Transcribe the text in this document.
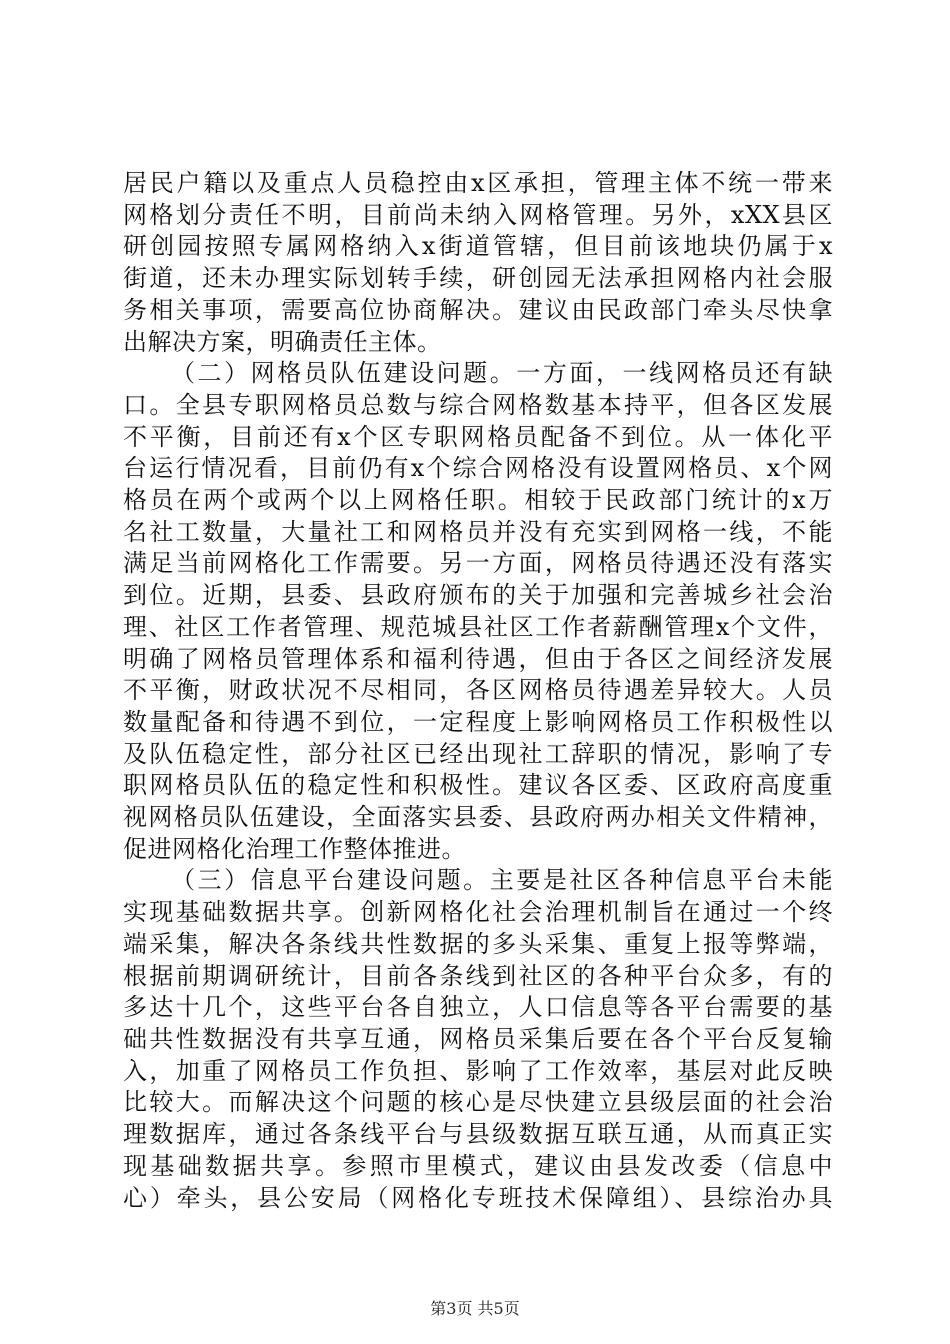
居民户籍以及重点人员稳控由x区承担，管理主体不统一带来
网格划分责任不明，目前尚未纳入网格管理。另外，xXX县区
研创园按照专属网格纳入x街道管辖，但目前该地块仍属于x
街道，还未办理实际划转手续，研创园无法承担网格内社会服
务相关事项，需要高位协商解决。建议由民政部门牵头尽快拿
出解决方案，明确责任主体。
（二）网格员队伍建设问题。一方面，一线网格员还有缺
口。全县专职网格员总数与综合网格数基本持平，但各区发展
不平衡，目前还有x个区专职网格员配备不到位。从一体化平
台运行情况看，目前仍有x个综合网格没有设置网格员、x个网
格员在两个或两个以上网格任职。相较于民政部门统计的x万
名社工数量，大量社工和网格员并没有充实到网格一线，不能
满足当前网格化工作需要。另一方面，网格员待遇还没有落实
到位。近期，县委、县政府颁布的关于加强和完善城乡社会治
理、社区工作者管理、规范城县社区工作者薪酬管理x个文件，
明确了网格员管理体系和福利待遇，但由于各区之间经济发展
不平衡，财政状况不尽相同，各区网格员待遇差异较大。人员
数量配备和待遇不到位，一定程度上影响网格员工作积极性以
及队伍稳定性，部分社区已经出现社工辞职的情况，影响了专
职网格员队伍的稳定性和积极性。建议各区委、区政府高度重
视网格员队伍建设，全面落实县委、县政府两办相关文件精神，
促进网格化治理工作整体推进。
（三）信息平台建设问题。主要是社区各种信息平台未能
实现基础数据共享。创新网格化社会治理机制旨在通过一个终
端采集，解决各条线共性数据的多头采集、重复上报等弊端，
根据前期调研统计，目前各条线到社区的各种平台众多，有的
多达十几个，这些平台各自独立，人口信息等各平台需要的基
础共性数据没有共享互通，网格员采集后要在各个平台反复输
入，加重了网格员工作负担、影响了工作效率，基层对此反映
比较大。而解决这个问题的核心是尽快建立县级层面的社会治
理数据库，通过各条线平台与县级数据互联互通，从而真正实
现基础数据共享。参照市里模式，建议由县发改委（信息中
心）牵头，县公安局（网格化专班技术保障组）、县综治办具
第3页 共5页
